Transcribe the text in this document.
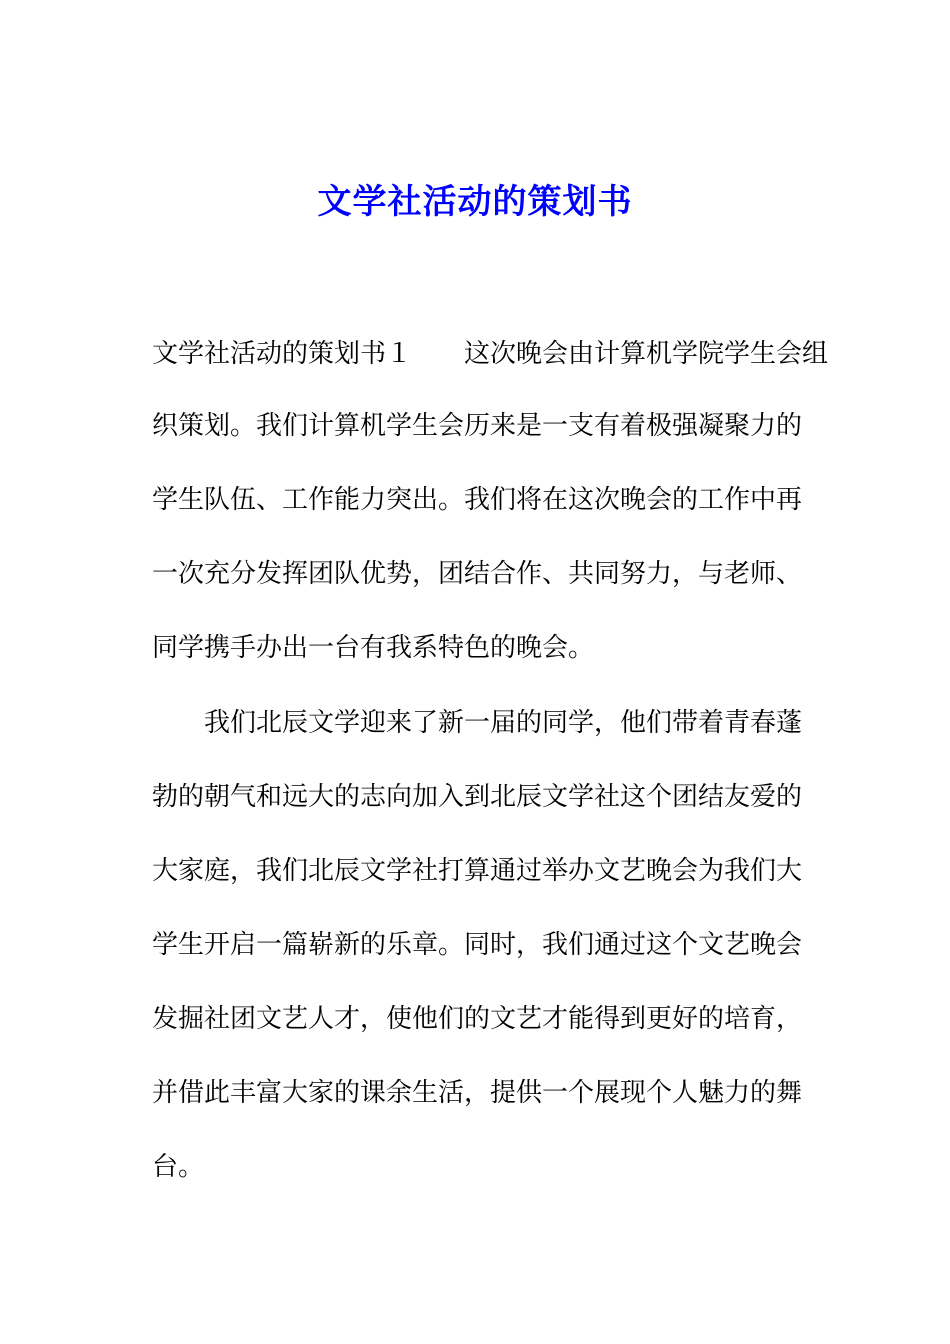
文学社活动的策划书

文学社活动的策划书１ 这次晚会由计算机学院学生会组

织策划。我们计算机学生会历来是一支有着极强凝聚力的

学生队伍、工作能力突出。我们将在这次晚会的工作中再

一次充分发挥团队优势，团结合作、共同努力，与老师、

同学携手办出一台有我系特色的晚会。

我们北辰文学迎来了新一届的同学，他们带着青春蓬

勃的朝气和远大的志向加入到北辰文学社这个团结友爱的

大家庭，我们北辰文学社打算通过举办文艺晚会为我们大

学生开启一篇崭新的乐章。同时，我们通过这个文艺晚会

发掘社团文艺人才，使他们的文艺才能得到更好的培育，

并借此丰富大家的课余生活，提供一个展现个人魅力的舞

台。
